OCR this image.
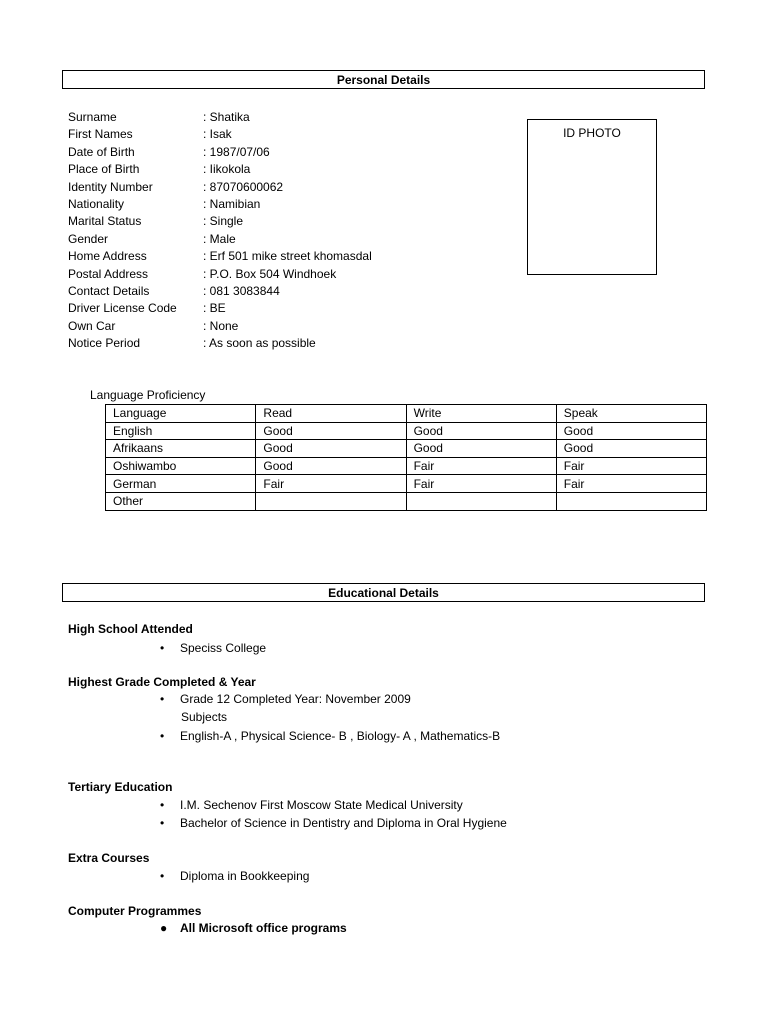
Personal Details
Surname	: Shatika
First Names	: Isak
Date of Birth	: 1987/07/06
Place of Birth	: Iikokola
Identity Number	: 87070600062
Nationality	: Namibian
Marital Status	: Single
Gender	: Male
Home Address	: Erf 501 mike street khomasdal
Postal Address	: P.O. Box 504 Windhoek
Contact Details	: 081 3083844
Driver License Code : BE
Own Car	: None
Notice Period	: As soon as possible
ID PHOTO
Language Proficiency
Language	Read	Write	Speak
English	Good	Good	Good
Afrikaans	Good	Good	Good
Oshiwambo	Good	Fair	Fair
German	Fair	Fair	Fair
Other			
Educational Details
High School Attended
• Speciss College
Highest Grade Completed & Year
• Grade 12 Completed Year: November 2009
Subjects
• English-A , Physical Science- B , Biology- A , Mathematics-B
Tertiary Education
• I.M. Sechenov First Moscow State Medical University
• Bachelor of Science in Dentistry and Diploma in Oral Hygiene
Extra Courses
• Diploma in Bookkeeping
Computer Programmes
● All Microsoft office programs
